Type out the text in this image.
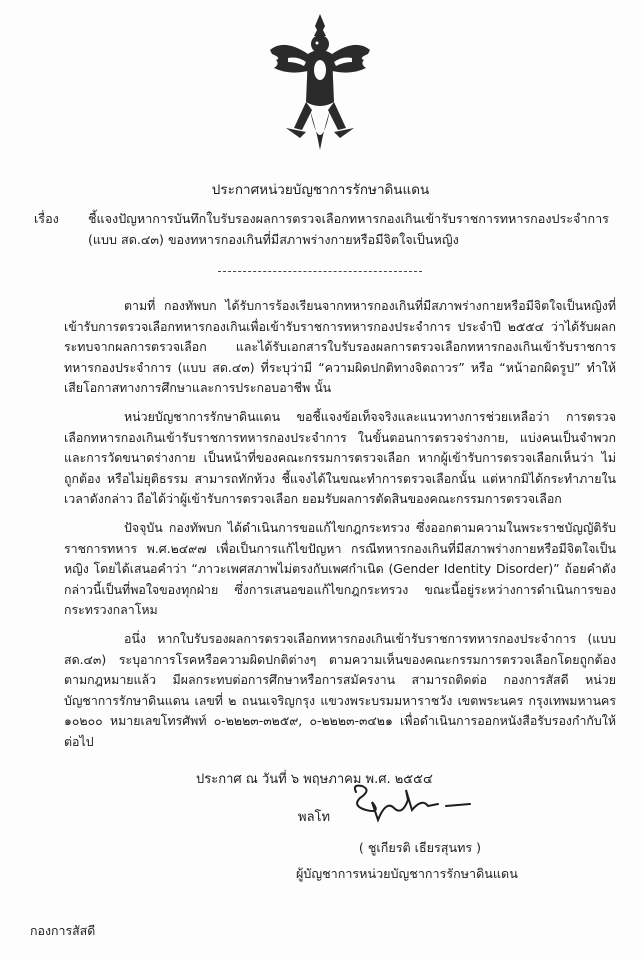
ประกาศหน่วยบัญชาการรักษาดินแดน
เรื่อง ชี้แจงปัญหาการบันทึกใบรับรองผลการตรวจเลือกทหารกองเกินเข้ารับราชการทหารกองประจำการ (แบบ สด.๔๓) ของทหารกองเกินที่มีสภาพร่างกายหรือมีจิตใจเป็นหญิง

ตามที่ กองทัพบก ได้รับการร้องเรียนจากทหารกองเกินที่มีสภาพร่างกายหรือมีจิตใจเป็นหญิงที่เข้ารับการตรวจเลือกทหารกองเกินเพื่อเข้ารับราชการทหารกองประจำการ ประจำปี ๒๕๕๔ ว่าได้รับผลกระทบจากผลการตรวจเลือก และได้รับเอกสารใบรับรองผลการตรวจเลือกทหารกองเกินเข้ารับราชการทหารกองประจำการ (แบบ สด.๔๓) ที่ระบุว่ามี “ความผิดปกติทางจิตถาวร” หรือ “หน้าอกผิดรูป” ทำให้เสียโอกาสทางการศึกษาและการประกอบอาชีพ นั้น

หน่วยบัญชาการรักษาดินแดน ขอชี้แจงข้อเท็จจริงและแนวทางการช่วยเหลือว่า การตรวจเลือกทหารกองเกินเข้ารับราชการทหารกองประจำการ ในขั้นตอนการตรวจร่างกาย, แบ่งคนเป็นจำพวก และการวัดขนาดร่างกาย เป็นหน้าที่ของคณะกรรมการตรวจเลือก หากผู้เข้ารับการตรวจเลือกเห็นว่า ไม่ถูกต้อง หรือไม่ยุติธรรม สามารถทักท้วง ชี้แจงได้ในขณะทำการตรวจเลือกนั้น แต่หากมิได้กระทำภายในเวลาดังกล่าว ถือได้ว่าผู้เข้ารับการตรวจเลือก ยอมรับผลการตัดสินของคณะกรรมการตรวจเลือก

ปัจจุบัน กองทัพบก ได้ดำเนินการขอแก้ไขกฎกระทรวง ซึ่งออกตามความในพระราชบัญญัติรับราชการทหาร พ.ศ.๒๔๙๗ เพื่อเป็นการแก้ไขปัญหา กรณีทหารกองเกินที่มีสภาพร่างกายหรือมีจิตใจเป็นหญิง โดยได้เสนอคำว่า “ภาวะเพศสภาพไม่ตรงกับเพศกำเนิด (Gender Identity Disorder)” ถ้อยคำดังกล่าวนี้เป็นที่พอใจของทุกฝ่าย ซึ่งการเสนอขอแก้ไขกฎกระทรวง ขณะนี้อยู่ระหว่างการดำเนินการของกระทรวงกลาโหม

อนึ่ง หากใบรับรองผลการตรวจเลือกทหารกองเกินเข้ารับราชการทหารกองประจำการ (แบบ สด.๔๓) ระบุอาการโรคหรือความผิดปกติต่างๆ ตามความเห็นของคณะกรรมการตรวจเลือกโดยถูกต้องตามกฎหมายแล้ว มีผลกระทบต่อการศึกษาหรือการสมัครงาน สามารถติดต่อ กองการสัสดี หน่วยบัญชาการรักษาดินแดน เลขที่ ๒ ถนนเจริญกรุง แขวงพระบรมมหาราชวัง เขตพระนคร กรุงเทพมหานคร ๑๐๒๐๐ หมายเลขโทรศัพท์ ๐-๒๒๒๓-๓๒๕๙, ๐-๒๒๒๓-๓๔๒๑ เพื่อดำเนินการออกหนังสือรับรองกำกับให้ต่อไป

ประกาศ ณ วันที่ ๖ พฤษภาคม พ.ศ. ๒๕๕๔
พลโท
( ชูเกียรติ เธียรสุนทร )
ผู้บัญชาการหน่วยบัญชาการรักษาดินแดน
กองการสัสดี
